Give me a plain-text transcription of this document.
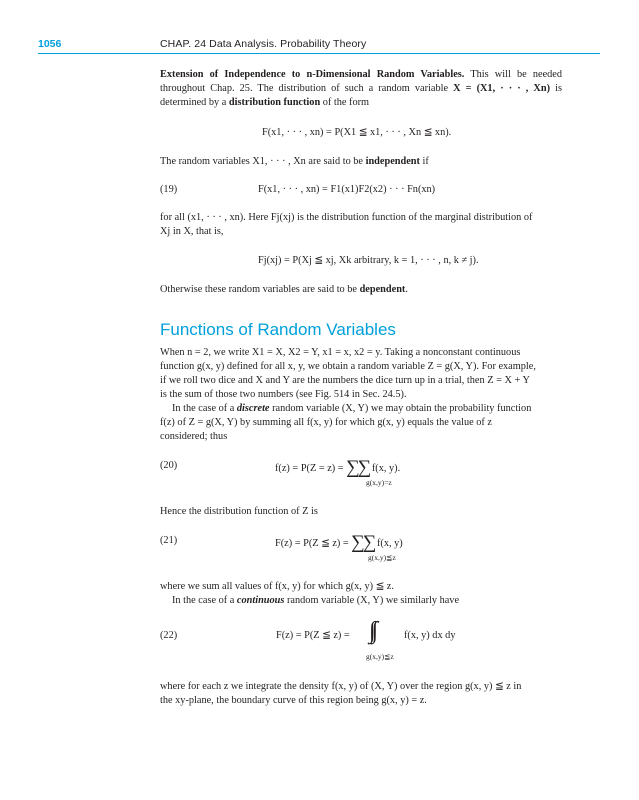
1056	CHAP. 24 Data Analysis. Probability Theory

Extension of Independence to n-Dimensional Random Variables. This will be needed throughout Chap. 25. The distribution of such a random variable X = (X1, · · · , Xn) is determined by a distribution function of the form

F(x1, · · · , xn) = P(X1 ≦ x1, · · · , Xn ≦ xn).
The random variables X1, · · · , Xn are said to be independent if
(19)	F(x1, · · · , xn) = F1(x1)F2(x2) · · · Fn(xn)
for all (x1, · · · , xn). Here Fj(xj) is the distribution function of the marginal distribution of
Xj in X, that is,
Fj(xj) = P(Xj ≦ xj, Xk arbitrary, k = 1, · · · , n, k ≠ j).
Otherwise these random variables are said to be dependent.
Functions of Random Variables
When n = 2, we write X1 = X, X2 = Y, x1 = x, x2 = y. Taking a nonconstant continuous
function g(x, y) defined for all x, y, we obtain a random variable Z = g(X, Y). For example,
if we roll two dice and X and Y are the numbers the dice turn up in a trial, then Z = X + Y
is the sum of those two numbers (see Fig. 514 in Sec. 24.5).
In the case of a discrete random variable (X, Y) we may obtain the probability function
f(z) of Z = g(X, Y) by summing all f(x, y) for which g(x, y) equals the value of z
considered; thus
(20)	f(z) = P(Z = z) = ∑∑ f(x, y).
g(x,y)=z
Hence the distribution function of Z is
(21)	F(z) = P(Z ≦ z) = ∑∑ f(x, y)
g(x,y)≦z
where we sum all values of f(x, y) for which g(x, y) ≦ z.
In the case of a continuous random variable (X, Y) we similarly have
(22)	F(z) = P(Z ≦ z) = ∫∫	f(x, y) dx dy
g(x,y)≦z
where for each z we integrate the density f(x, y) of (X, Y) over the region g(x, y) ≦ z in
the xy-plane, the boundary curve of this region being g(x, y) = z.
